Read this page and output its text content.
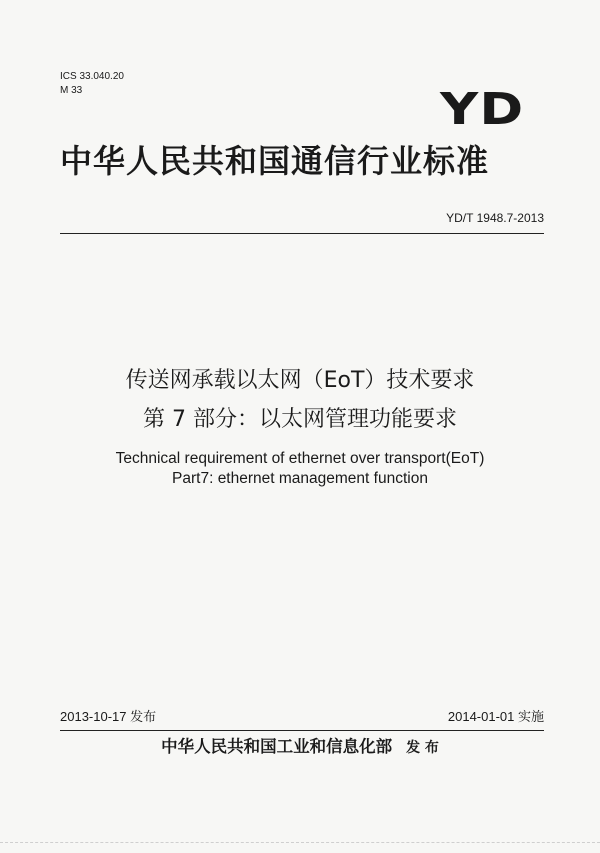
ICS 33.040.20
M 33	YD
中华人民共和国通信行业标准
YD/T 1948.7-2013
传送网承载以太网（EoT）技术要求
第 7 部分：以太网管理功能要求
Technical requirement of ethernet over transport(EoT)
Part7: ethernet management function
2013-10-17 发布	2014-01-01 实施
中华人民共和国工业和信息化部 发 布
